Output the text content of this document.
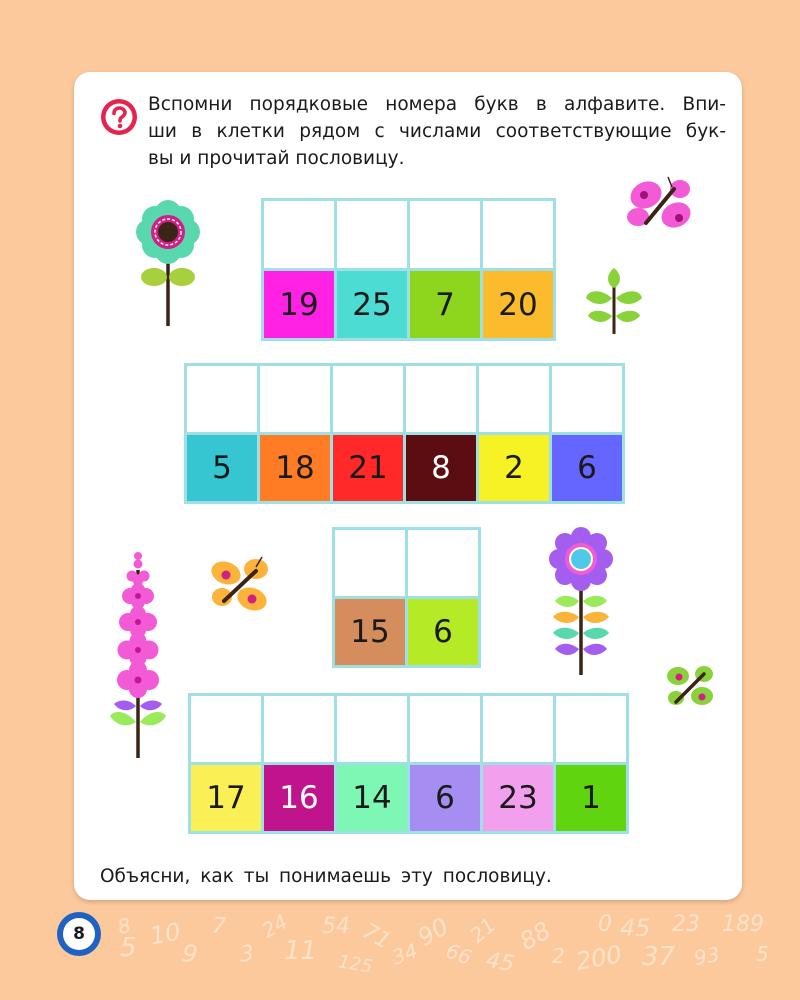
8
5 10
9
7
3
24
11
54
125
71
34
90
66
21
45
88
2 200
0 45
37
23
93
189
5
8

Вспомни порядковые номера букв в алфавите. Впи-
ши в клетки рядом с числами соответствующие бук-
вы и прочитай пословицу.

19	25	7	20
5	18	21	8	2	6
15	6
17	16	14	6	23	1

Объясни, как ты понимаешь эту пословицу.
